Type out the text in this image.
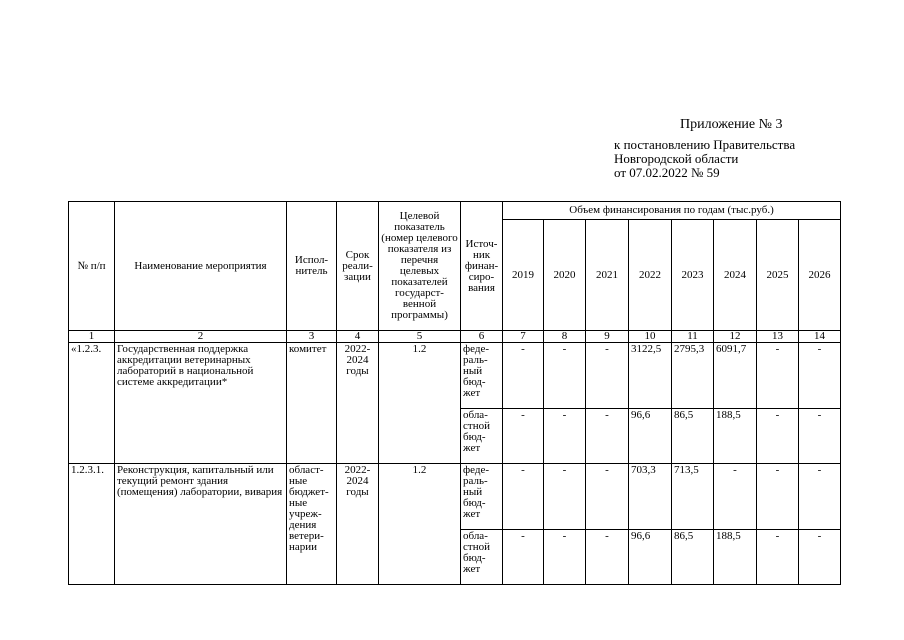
Приложение № 3
к постановлению Правительства
Новгородской области
от 07.02.2022 № 59
№ п/п	Наименование мероприятия	Испол-нитель	Срок реали-зации	Целевой показатель (номер целевого показателя из перечня целевых показателей государст-венной программы)	Источ-ник финан-сиро-вания	Объем финансирования по годам (тыс.руб.)							
						2019	2020	2021	2022	2023	2024	2025	2026
1	2	3	4	5	6	7	8	9	10	11	12	13	14
«1.2.3.	Государственная поддержка аккредитации ветеринарных лабораторий в национальной системе аккредитации*	комитет	2022-2024 годы	1.2	феде-раль-ный бюд-жет	-	-	-	3122,5	2795,3	6091,7	-	-
					обла-стной бюд-жет	-	-	-	96,6	86,5	188,5	-	-
1.2.3.1.	Реконструкция, капитальный или текущий ремонт здания (помещения) лаборатории, вивария	област-ные бюджет-ные учреж-дения ветери-нарии	2022-2024 годы	1.2	феде-раль-ный бюд-жет	-	-	-	703,3	713,5	-	-	-
					обла-стной бюд-жет	-	-	-	96,6	86,5	188,5	-	-
